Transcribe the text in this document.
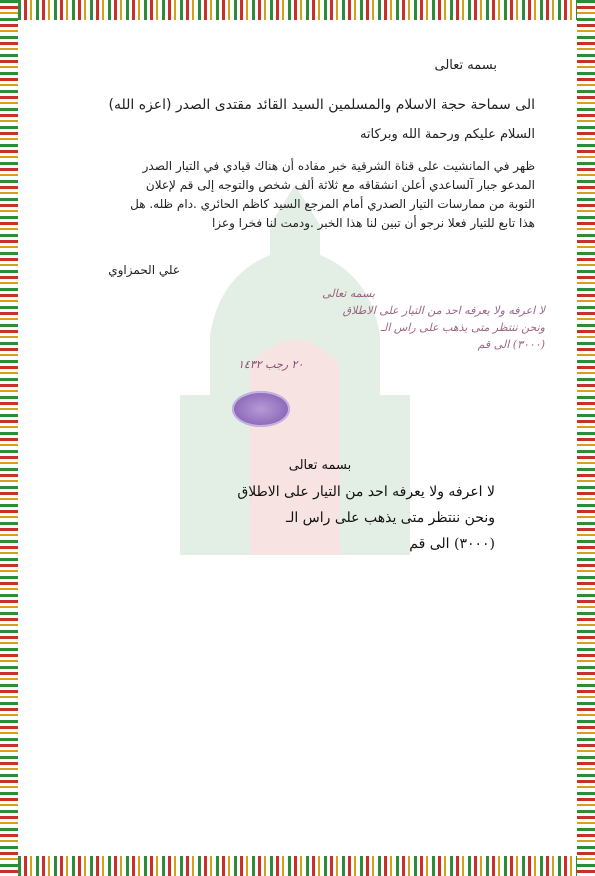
بسمه تعالى
الى سماحة حجة الاسلام والمسلمين السيد القائد مقتدى الصدر (اعزه الله)
السلام عليكم ورحمة الله وبركاته
ظهر في المانشيت على قناة الشرقية خبر مفاده أن هناك قيادي في التيار الصدر
المدعو جبار آلساعدي أعلن انشقاقه مع ثلاثة ألف شخص والتوجه إلى قم لإعلان
التوبة من ممارسات التيار الصدري أمام المرجع السيد كاظم الحائري .دام ظله. هل
هذا تابع للتيار فعلا نرجو أن تبين لنا هذا الخبر .ودمت لنا فخرا وعزا
علي الحمزاوي
بسمه تعالى
لا اعرفه ولا يعرفه احد من التيار على الاطلاق
ونحن ننتظر متى يذهب على راس الـ
(٣٠٠٠) الى قم
٢٠ رجب ١٤٣٢
بسمه تعالى
لا اعرفه ولا يعرفه احد من التيار على الاطلاق
ونحن ننتظر متى يذهب على راس الـ
(٣٠٠٠) الى قم
